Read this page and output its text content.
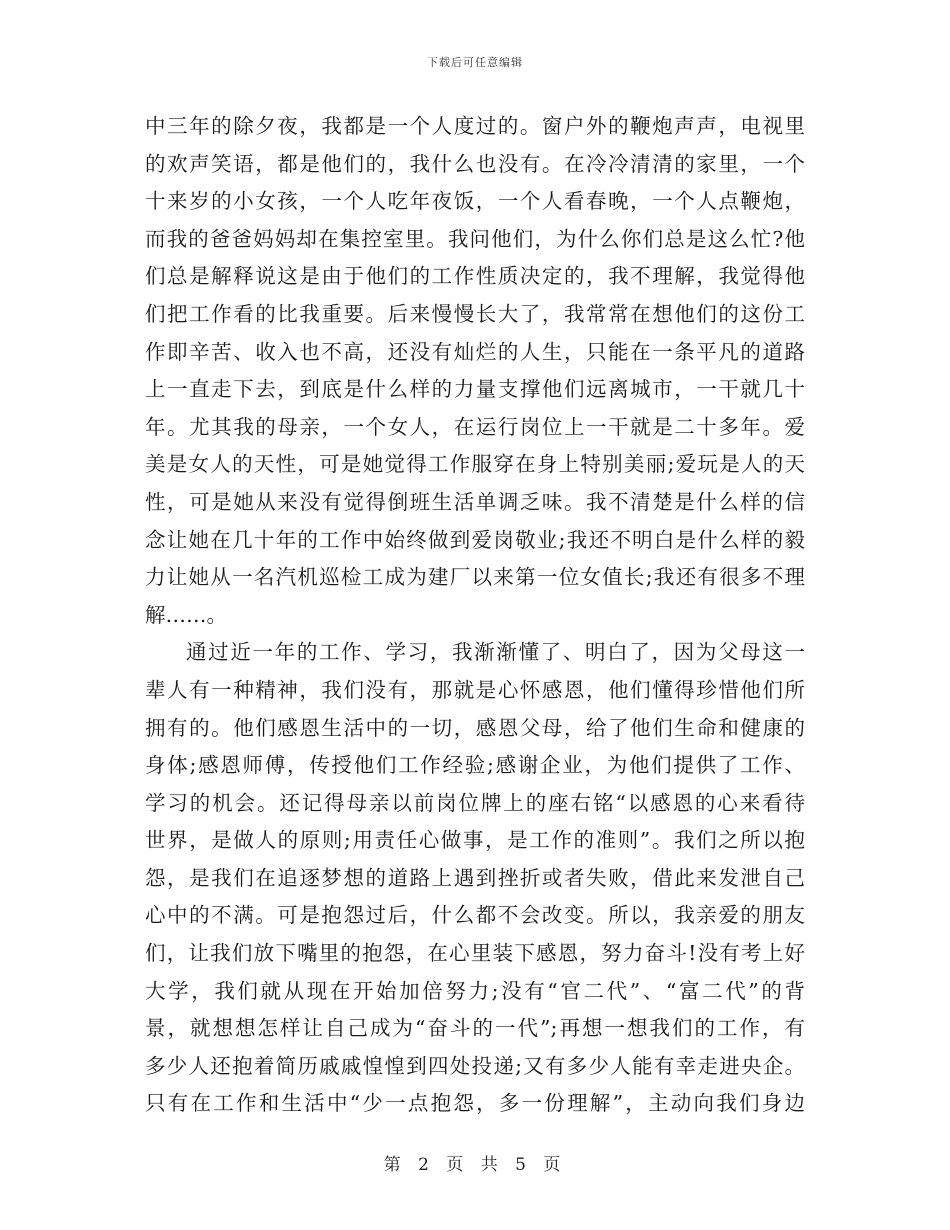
下载后可任意编辑
中三年的除夕夜，我都是一个人度过的。窗户外的鞭炮声声，电视里
的欢声笑语，都是他们的，我什么也没有。在冷冷清清的家里，一个
十来岁的小女孩，一个人吃年夜饭，一个人看春晚，一个人点鞭炮，
而我的爸爸妈妈却在集控室里。我问他们，为什么你们总是这么忙?他
们总是解释说这是由于他们的工作性质决定的，我不理解，我觉得他
们把工作看的比我重要。后来慢慢长大了，我常常在想他们的这份工
作即辛苦、收入也不高，还没有灿烂的人生，只能在一条平凡的道路
上一直走下去，到底是什么样的力量支撑他们远离城市，一干就几十
年。尤其我的母亲，一个女人，在运行岗位上一干就是二十多年。爱
美是女人的天性，可是她觉得工作服穿在身上特别美丽;爱玩是人的天
性，可是她从来没有觉得倒班生活单调乏味。我不清楚是什么样的信
念让她在几十年的工作中始终做到爱岗敬业;我还不明白是什么样的毅
力让她从一名汽机巡检工成为建厂以来第一位女值长;我还有很多不理
解……。
通过近一年的工作、学习，我渐渐懂了、明白了，因为父母这一
辈人有一种精神，我们没有，那就是心怀感恩，他们懂得珍惜他们所
拥有的。他们感恩生活中的一切，感恩父母，给了他们生命和健康的
身体;感恩师傅，传授他们工作经验;感谢企业，为他们提供了工作、
学习的机会。还记得母亲以前岗位牌上的座右铭“以感恩的心来看待
世界，是做人的原则;用责任心做事，是工作的准则”。我们之所以抱
怨，是我们在追逐梦想的道路上遇到挫折或者失败，借此来发泄自己
心中的不满。可是抱怨过后，什么都不会改变。所以，我亲爱的朋友
们，让我们放下嘴里的抱怨，在心里装下感恩，努力奋斗!没有考上好
大学，我们就从现在开始加倍努力;没有“官二代”、“富二代”的背
景，就想想怎样让自己成为“奋斗的一代”;再想一想我们的工作，有
多少人还抱着简历戚戚惶惶到四处投递;又有多少人能有幸走进央企。
只有在工作和生活中“少一点抱怨，多一份理解”，主动向我们身边
第 2 页 共 5 页
